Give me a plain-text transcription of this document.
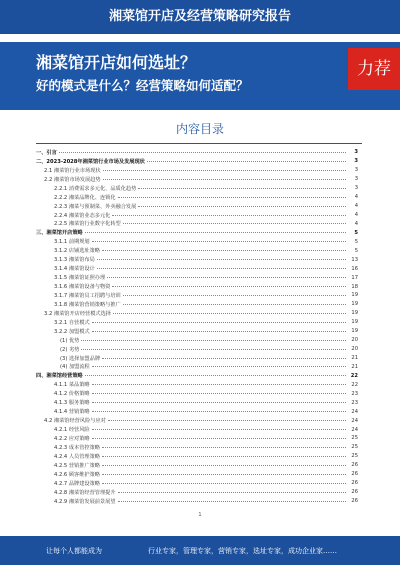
湘菜馆开店及经营策略研究报告
湘菜馆开店如何选址？
好的模式是什么？经营策略如何适配？
力荐
内容目录
一、引言	3
二、2023-2028年湘菜馆行业市场及发展现状	3
2.1 湘菜馆行业市场现状	3
2.2 湘菜馆市场发展趋势	3
2.2.1 消费需求多元化、品质化趋势	3
2.2.2 湘菜品牌化、连锁化	4
2.2.3 湘菜与预制菜、外卖融合发展	4
2.2.4 湘菜馆业态多元化	4
2.2.5 湘菜馆行业数字化转型	4
三、湘菜馆开店策略	5
3.1.1 前期规划	5
3.1.2 店铺选址策略	5
3.1.3 湘菜馆布局	13
3.1.4 湘菜馆设计	16
3.1.5 湘菜馆证照办理	17
3.1.6 湘菜馆设备与物资	18
3.1.7 湘菜馆员工招聘与培训	19
3.1.8 湘菜馆营销策略与推广	19
3.2 湘菜馆开店经营模式选择	19
3.2.1 自营模式	19
3.2.2 加盟模式	19
(1) 优势	20
(2) 劣势	20
(3) 选择加盟品牌	21
(4) 加盟流程	21
四、湘菜馆经营策略	22
4.1.1 菜品策略	22
4.1.2 价格策略	23
4.1.3 服务策略	23
4.1.4 营销策略	24
4.2 湘菜馆经营风险与应对	24
4.2.1 经营风险	24
4.2.2 应对策略	25
4.2.3 成本管控策略	25
4.2.4 人员管理策略	25
4.2.5 营销推广策略	26
4.2.6 顾客维护策略	26
4.2.7 品牌建设策略	26
4.2.8 湘菜馆经营管理提升	26
4.2.9 湘菜馆发展前景展望	26
1
让每个人都能成为	行业专家，管理专家，营销专家，选址专家，成功企业家……
